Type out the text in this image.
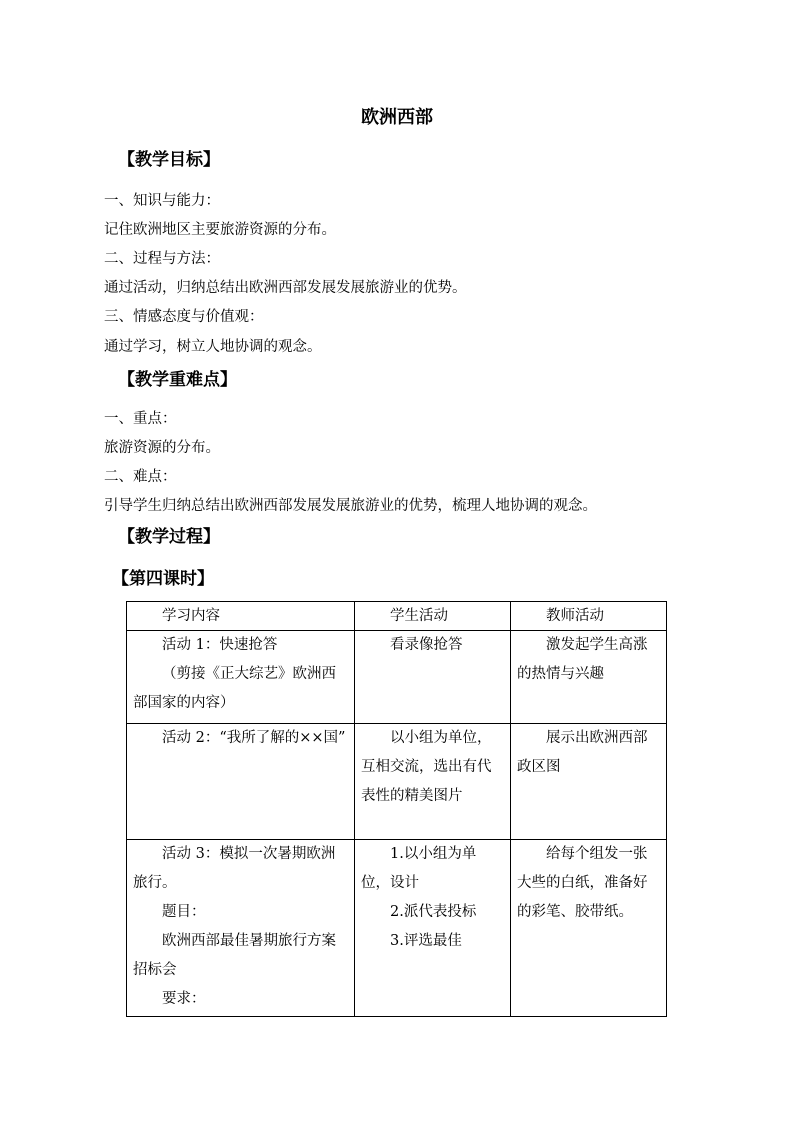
欧洲西部
【教学目标】
一、知识与能力：
记住欧洲地区主要旅游资源的分布。
二、过程与方法：
通过活动，归纳总结出欧洲西部发展发展旅游业的优势。
三、情感态度与价值观：
通过学习，树立人地协调的观念。
【教学重难点】
一、重点：
旅游资源的分布。
二、难点：
引导学生归纳总结出欧洲西部发展发展旅游业的优势，梳理人地协调的观念。
【教学过程】
【第四课时】
学习内容	学生活动	教师活动

活动 1：快速抢答
（剪接《正大综艺》欧洲西部国家的内容）	看录像抢答	激发起学生高涨的热情与兴趣

活动 2：“我所了解的××国”	以小组为单位，互相交流，选出有代表性的精美图片	展示出欧洲西部政区图

活动 3：模拟一次暑期欧洲旅行。
题目：
欧洲西部最佳暑期旅行方案招标会
要求：	1.以小组为单位，设计
2.派代表投标
3.评选最佳	给每个组发一张大些的白纸，准备好的彩笔、胶带纸。
